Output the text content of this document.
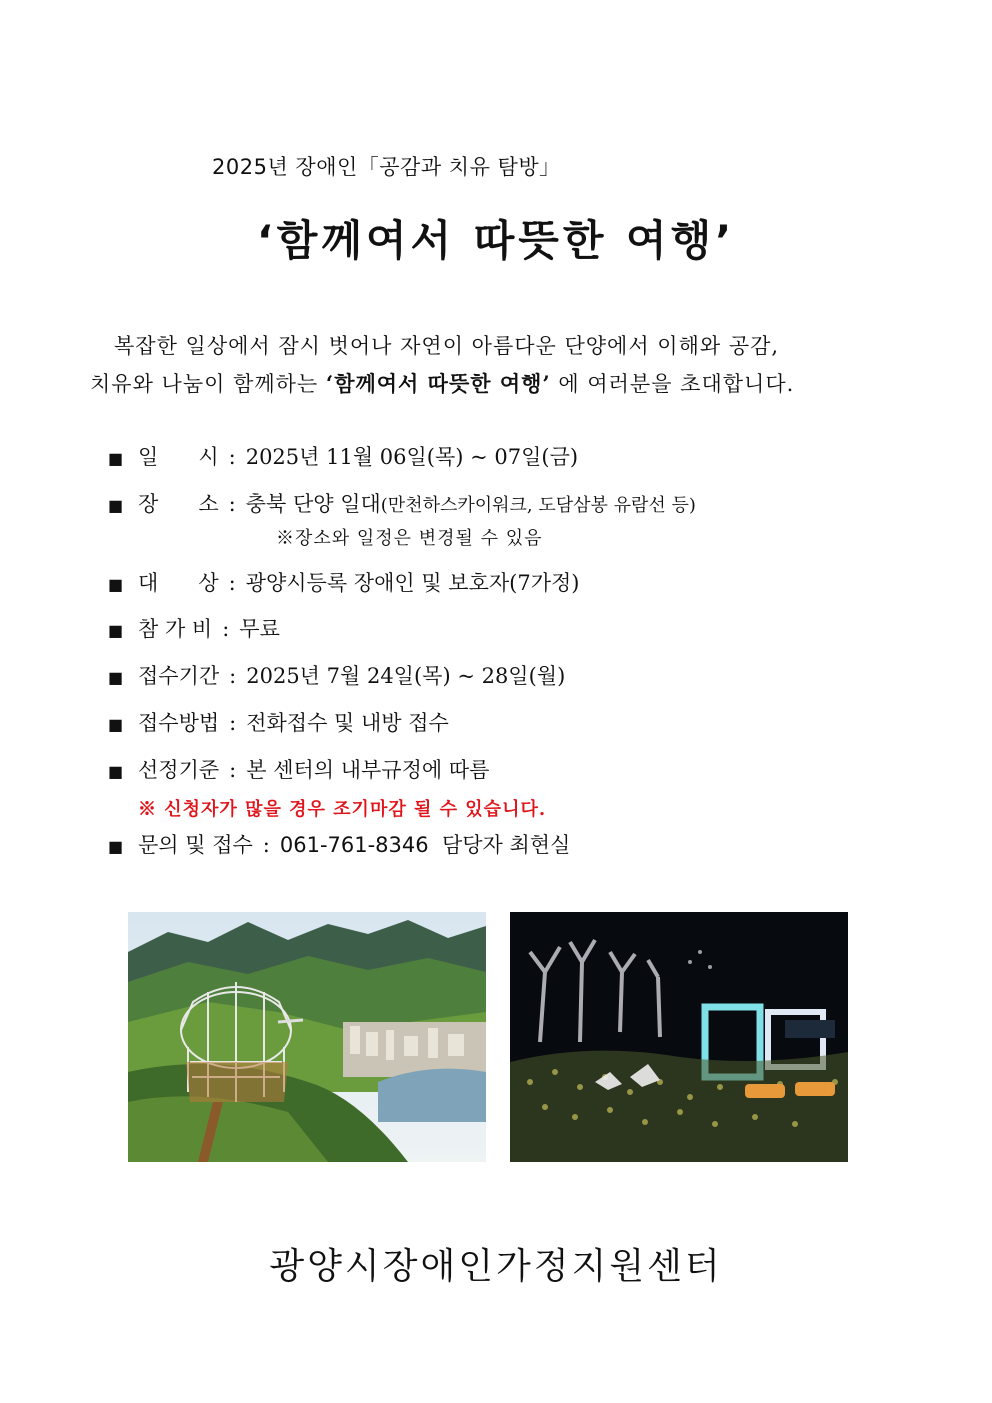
2025년 장애인「공감과 치유 탐방」
‘함께여서 따뜻한 여행’
복잡한 일상에서 잠시 벗어나 자연이 아름다운 단양에서 이해와 공감,
치유와 나눔이 함께하는 ‘함께여서 따뜻한 여행’ 에 여러분을 초대합니다.
■ 일      시 : 2025년 11월 06일(목) ~ 07일(금)
■ 장      소 : 충북 단양 일대 (만천하스카이워크, 도담삼봉 유람선 등)
※장소와 일정은 변경될 수 있음
■ 대      상 : 광양시등록 장애인 및 보호자(7가정)
■ 참 가 비 : 무료
■ 접수기간 : 2025년 7월 24일(목) ~ 28일(월)
■ 접수방법 : 전화접수 및 내방 접수
■ 선정기준 : 본 센터의 내부규정에 따름
※ 신청자가 많을 경우 조기마감 될 수 있습니다.
■ 문의 및 접수 : 061-761-8346  담당자 최현실
광양시장애인가정지원센터
